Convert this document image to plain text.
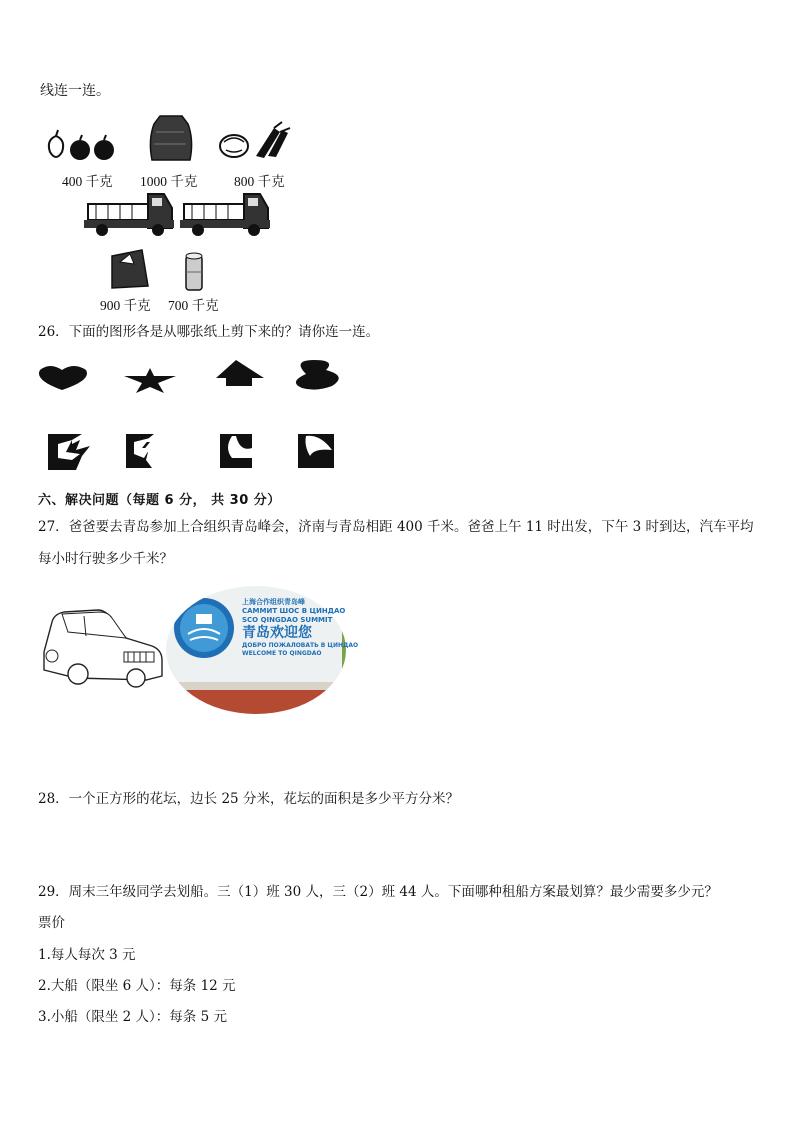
线连一连。
400 千克 1000 千克	800 千克
900 千克 700 千克
26．下面的图形各是从哪张纸上剪下来的？请你连一连。
六、解决问题（每题 6 分， 共 30 分）
27．爸爸要去青岛参加上合组织青岛峰会，济南与青岛相距 400 千米。爸爸上午 11 时出发，下午 3 时到达，汽车平均
每小时行驶多少千米？
上海合作组织青岛峰
САММИТ ШОС В ЦИНДАО
SCO QINGDAO SUMMIT
青岛欢迎您
ДОБРО ПОЖАЛОВАТЬ В ЦИНДАО
WELCOME TO QINGDAO
28．一个正方形的花坛，边长 25 分米，花坛的面积是多少平方分米？
29．周末三年级同学去划船。三（1）班 30 人，三（2）班 44 人。下面哪种租船方案最划算？最少需要多少元？
票价
1.每人每次 3 元
2.大船（限坐 6 人）：每条 12 元
3.小船（限坐 2 人）：每条 5 元
